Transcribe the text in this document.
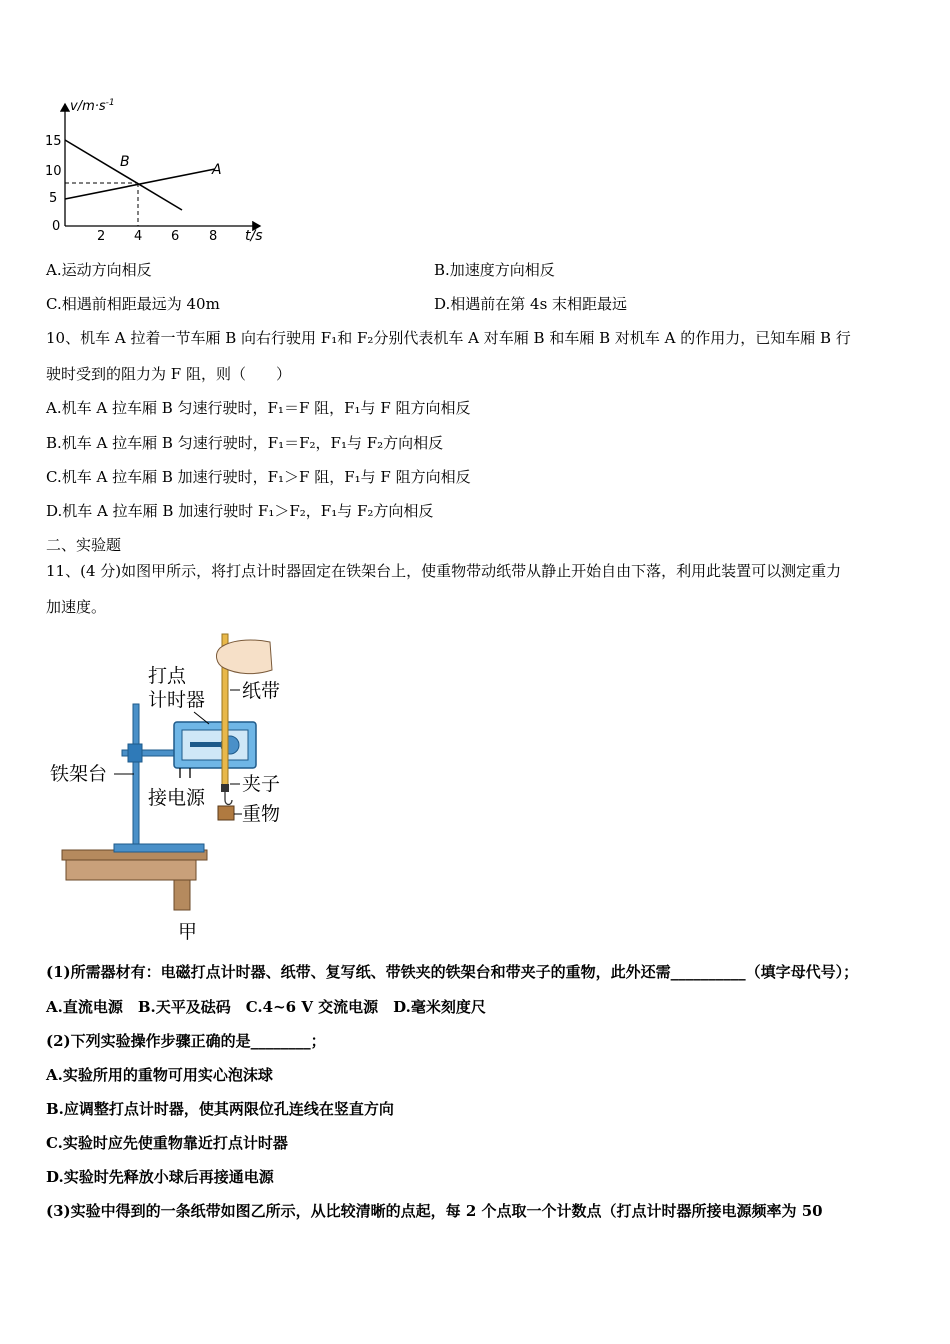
$v/m\cdot s^{-1}$
t/s
15
10
5
0
2 4 6 8
B	A
A.运动方向相反	B.加速度方向相反
C.相遇前相距最远为 40m	D.相遇前在第 4s 末相距最远
10、机车 A 拉着一节车厢 B 向右行驶用 F₁和 F₂分别代表机车 A 对车厢 B 和车厢 B 对机车 A 的作用力，已知车厢 B 行
驶时受到的阻力为 F 阻，则（　　）
A.机车 A 拉车厢 B 匀速行驶时，F₁＝F 阻，F₁与 F 阻方向相反
B.机车 A 拉车厢 B 匀速行驶时，F₁＝F₂，F₁与 F₂方向相反
C.机车 A 拉车厢 B 加速行驶时，F₁＞F 阻，F₁与 F 阻方向相反
D.机车 A 拉车厢 B 加速行驶时 F₁＞F₂，F₁与 F₂方向相反
二、实验题
11、(4 分)如图甲所示，将打点计时器固定在铁架台上，使重物带动纸带从静止开始自由下落，利用此装置可以测定重力
加速度。
打点
计时器 纸带
铁架台
接电源
夹子
重物
甲
(1)所需器材有：电磁打点计时器、纸带、复写纸、带铁夹的铁架台和带夹子的重物，此外还需__________（填字母代号）；
A.直流电源　B.天平及砝码　C.4~6 V 交流电源　D.毫米刻度尺
(2)下列实验操作步骤正确的是________；
A.实验所用的重物可用实心泡沫球
B.应调整打点计时器，使其两限位孔连线在竖直方向
C.实验时应先使重物靠近打点计时器
D.实验时先释放小球后再接通电源
(3)实验中得到的一条纸带如图乙所示，从比较清晰的点起，每 2 个点取一个计数点（打点计时器所接电源频率为 50
